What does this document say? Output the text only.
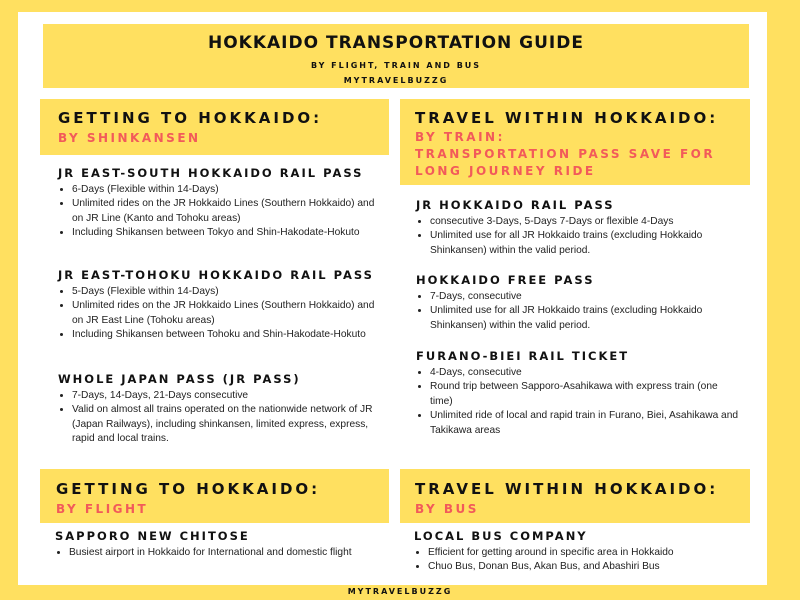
HOKKAIDO TRANSPORTATION GUIDE
BY FLIGHT, TRAIN AND BUS
MYTRAVELBUZZG
GETTING TO HOKKAIDO:
BY SHINKANSEN
JR EAST-SOUTH HOKKAIDO RAIL PASS
• 6-Days (Flexible within 14-Days)
• Unlimited rides on the JR Hokkaido Lines (Southern Hokkaido) and on JR Line (Kanto and Tohoku areas)
• Including Shikansen between Tokyo and Shin-Hakodate-Hokuto
JR EAST-TOHOKU HOKKAIDO RAIL PASS
• 5-Days (Flexible within 14-Days)
• Unlimited rides on the JR Hokkaido Lines (Southern Hokkaido) and on JR East Line (Tohoku areas)
• Including Shikansen between Tohoku and Shin-Hakodate-Hokuto
WHOLE JAPAN PASS (JR PASS)
• 7-Days, 14-Days, 21-Days consecutive
• Valid on almost all trains operated on the nationwide network of JR (Japan Railways), including shinkansen, limited express, express, rapid and local trains.
TRAVEL WITHIN HOKKAIDO:
BY TRAIN:
TRANSPORTATION PASS SAVE FOR
LONG JOURNEY RIDE
JR HOKKAIDO RAIL PASS
• consecutive 3-Days, 5-Days 7-Days or flexible 4-Days
• Unlimited use for all JR Hokkaido trains (excluding Hokkaido Shinkansen) within the valid period.
HOKKAIDO FREE PASS
• 7-Days, consecutive
• Unlimited use for all JR Hokkaido trains (excluding Hokkaido Shinkansen) within the valid period.
FURANO-BIEI RAIL TICKET
• 4-Days, consecutive
• Round trip between Sapporo-Asahikawa with express train (one time)
• Unlimited ride of local and rapid train in Furano, Biei, Asahikawa and Takikawa areas
GETTING TO HOKKAIDO:
BY FLIGHT
SAPPORO NEW CHITOSE
• Busiest airport in Hokkaido for International and domestic flight
TRAVEL WITHIN HOKKAIDO:
BY BUS
LOCAL BUS COMPANY
• Efficient for getting around in specific area in Hokkaido
• Chuo Bus, Donan Bus, Akan Bus, and Abashiri Bus
MYTRAVELBUZZG
